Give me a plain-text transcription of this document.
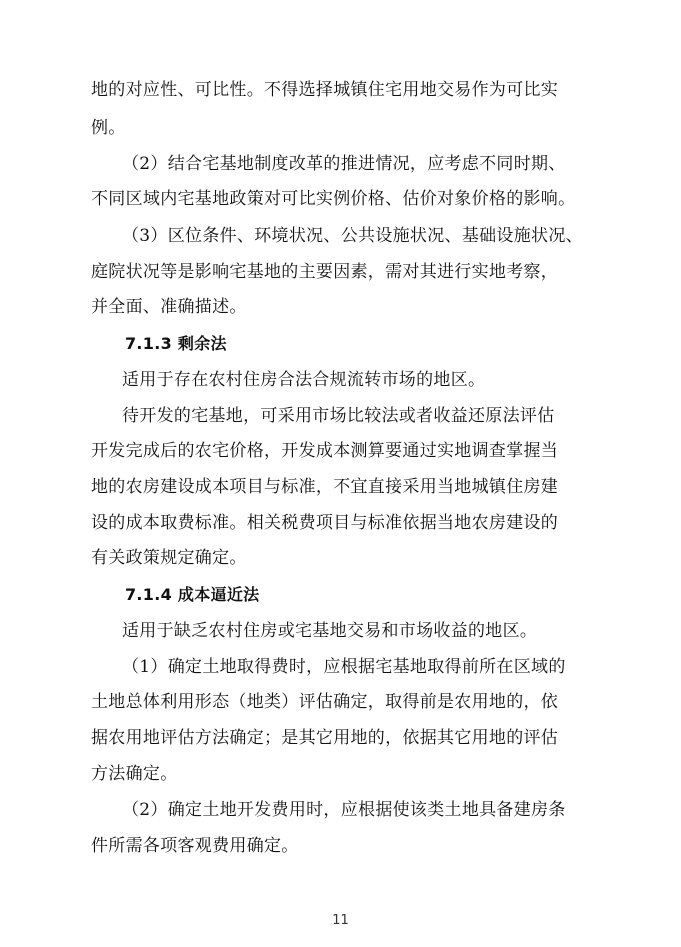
地的对应性、可比性。不得选择城镇住宅用地交易作为可比实
例。
（2）结合宅基地制度改革的推进情况，应考虑不同时期、
不同区域内宅基地政策对可比实例价格、估价对象价格的影响。
（3）区位条件、环境状况、公共设施状况、基础设施状况、
庭院状况等是影响宅基地的主要因素，需对其进行实地考察，
并全面、准确描述。
7.1.3 剩余法
适用于存在农村住房合法合规流转市场的地区。
待开发的宅基地，可采用市场比较法或者收益还原法评估
开发完成后的农宅价格，开发成本测算要通过实地调查掌握当
地的农房建设成本项目与标准，不宜直接采用当地城镇住房建
设的成本取费标准。相关税费项目与标准依据当地农房建设的
有关政策规定确定。
7.1.4 成本逼近法
适用于缺乏农村住房或宅基地交易和市场收益的地区。
（1）确定土地取得费时，应根据宅基地取得前所在区域的
土地总体利用形态（地类）评估确定，取得前是农用地的，依
据农用地评估方法确定；是其它用地的，依据其它用地的评估
方法确定。
（2）确定土地开发费用时，应根据使该类土地具备建房条
件所需各项客观费用确定。
11
